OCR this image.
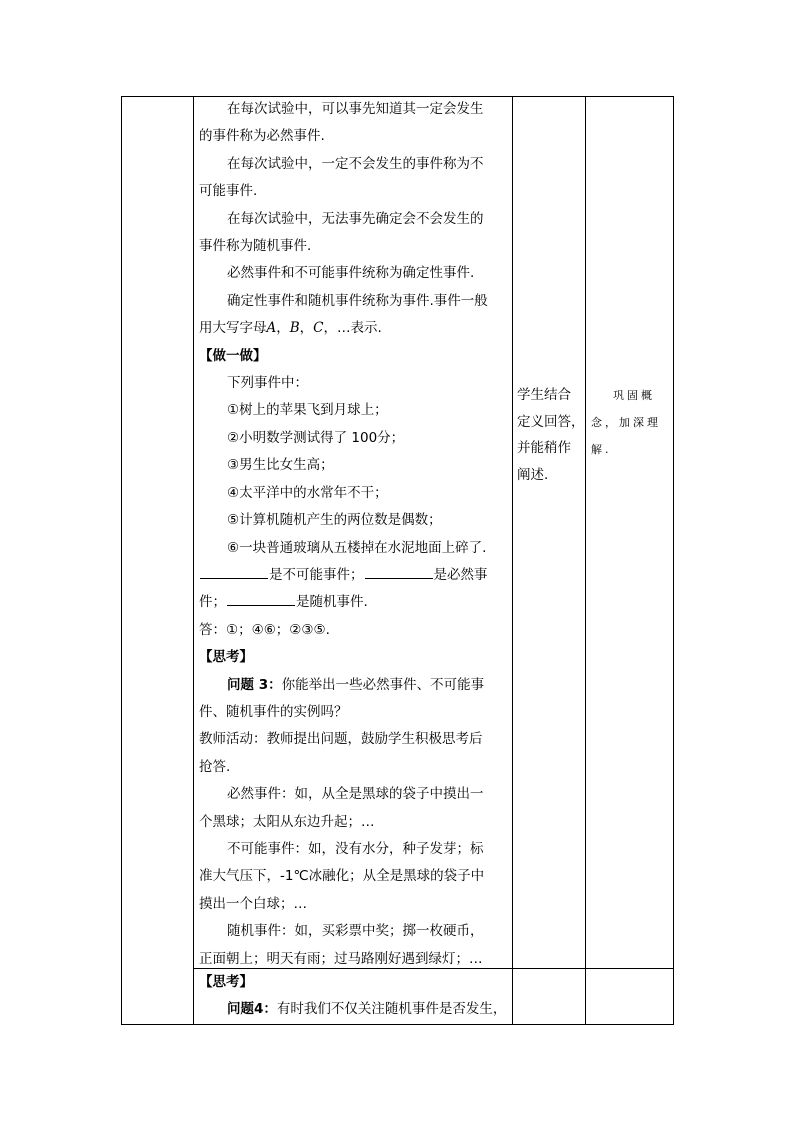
在每次试验中，可以事先知道其一定会发生

的事件称为必然事件.

在每次试验中，一定不会发生的事件称为不

可能事件.

在每次试验中，无法事先确定会不会发生的

事件称为随机事件.

必然事件和不可能事件统称为确定性事件.

确定性事件和随机事件统称为事件.事件一般

用大写字母A，B，C，…表示.

【做一做】

下列事件中：

①树上的苹果飞到月球上；

②小明数学测试得了 100分；

③男生比女生高；

④太平洋中的水常年不干；

⑤计算机随机产生的两位数是偶数；

⑥一块普通玻璃从五楼掉在水泥地面上碎了.

是不可能事件；	是必然事

件；	是随机事件.

答：①；④⑥；②③⑤.

【思考】

问题 3：你能举出一些必然事件、不可能事

件、随机事件的实例吗？

教师活动：教师提出问题，鼓励学生积极思考后

抢答.

必然事件：如，从全是黑球的袋子中摸出一

个黑球；太阳从东边升起；…

不可能事件：如，没有水分，种子发芽；标

准大气压下，-1℃冰融化；从全是黑球的袋子中

摸出一个白球；…

随机事件：如，买彩票中奖；掷一枚硬币，

正面朝上；明天有雨；过马路刚好遇到绿灯；…

学生结合
定义回答，
并能稍作
阐述.
巩固概
念，加深理
解.

【思考】

问题4：有时我们不仅关注随机事件是否发生，
